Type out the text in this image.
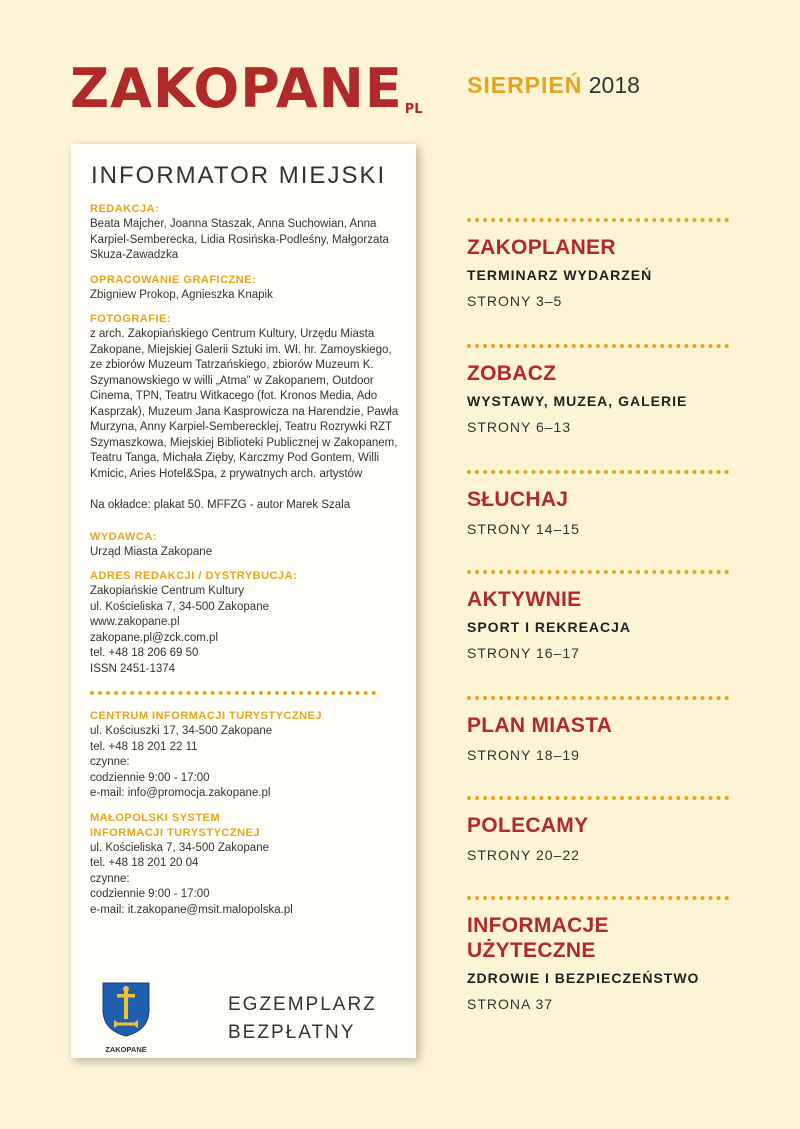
ZAKOPANE PL
SIERPIEŃ 2018
INFORMATOR MIEJSKI
REDAKCJA:
Beata Majcher, Joanna Staszak, Anna Suchowian, Anna Karpiel-Semberecka, Lidia Rosińska-Podleśny, Małgorzata Skuza-Zawadzka
OPRACOWANIE GRAFICZNE:
Zbigniew Prokop, Agnieszka Knapik
FOTOGRAFIE:
z arch. Zakopiańskiego Centrum Kultury, Urzędu Miasta Zakopane, Miejskiej Galerii Sztuki im. Wł. hr. Zamoyskiego, ze zbiorów Muzeum Tatrzańskiego, zbiorów Muzeum K. Szymanowskiego w willi „Atma” w Zakopanem, Outdoor Cinema, TPN, Teatru Witkacego (fot. Kronos Media, Ado Kasprzak), Muzeum Jana Kasprowicza na Harendzie, Pawła Murzyna, Anny Karpiel-Semberecklej, Teatru Rozrywki RZT Szymaszkowa, Miejskiej Biblioteki Publicznej w Zakopanem, Teatru Tanga, Michała Zięby, Karczmy Pod Gontem, Willi Kmicic, Aries Hotel&Spa, z prywatnych arch. artystów
Na okładce: plakat 50. MFFZG - autor Marek Szala
WYDAWCA:
Urząd Miasta Zakopane
ADRES REDAKCJI / DYSTRYBUCJA:
Zakopiańskie Centrum Kultury
ul. Kościeliska 7, 34-500 Zakopane
www.zakopane.pl
zakopane.pl@zck.com.pl
tel. +48 18 206 69 50
ISSN 2451-1374
CENTRUM INFORMACJI TURYSTYCZNEJ
ul. Kościuszki 17, 34-500 Zakopane
tel. +48 18 201 22 11
czynne:
codziennie 9:00 - 17:00
e-mail: info@promocja.zakopane.pl
MAŁOPOLSKI SYSTEM
INFORMACJI TURYSTYCZNEJ
ul. Kościeliska 7, 34-500 Zakopane
tel. +48 18 201 20 04
czynne:
codziennie 9:00 - 17:00
e-mail: it.zakopane@msit.malopolska.pl
ZAKOPANE
EGZEMPLARZ
BEZPŁATNY
ZAKOPLANER
TERMINARZ WYDARZEŃ
STRONY 3–5
ZOBACZ
WYSTAWY, MUZEA, GALERIE
STRONY 6–13
SŁUCHAJ
STRONY 14–15
AKTYWNIE
SPORT I REKREACJA
STRONY 16–17
PLAN MIASTA
STRONY 18–19
POLECAMY
STRONY 20–22
INFORMACJE
UŻYTECZNE
ZDROWIE I BEZPIECZEŃSTWO
STRONA 37
